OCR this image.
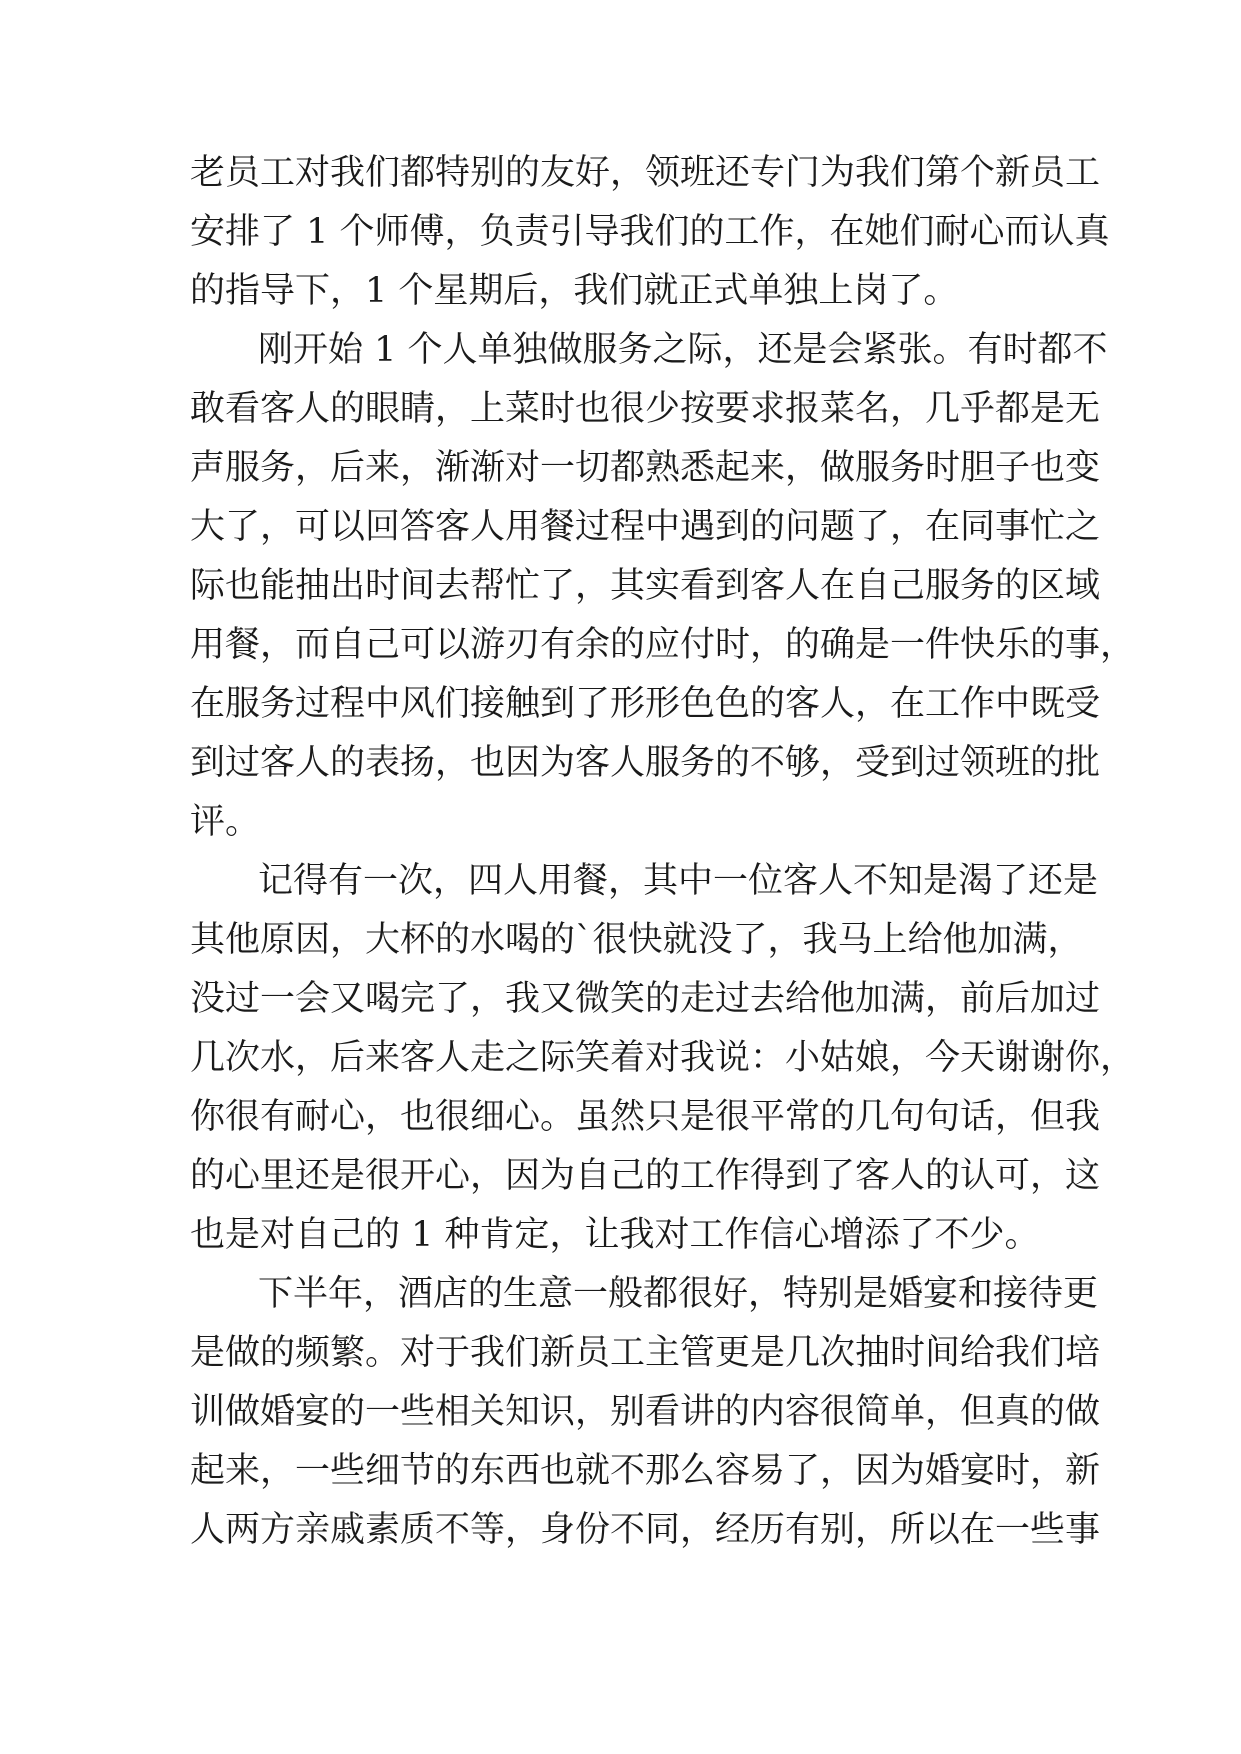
老员工对我们都特别的友好，领班还专门为我们第个新员工
安排了 1 个师傅，负责引导我们的工作，在她们耐心而认真
的指导下，1 个星期后，我们就正式单独上岗了。
刚开始 1 个人单独做服务之际，还是会紧张。有时都不
敢看客人的眼睛，上菜时也很少按要求报菜名，几乎都是无
声服务，后来，渐渐对一切都熟悉起来，做服务时胆子也变
大了，可以回答客人用餐过程中遇到的问题了，在同事忙之
际也能抽出时间去帮忙了，其实看到客人在自己服务的区域
用餐，而自己可以游刃有余的应付时，的确是一件快乐的事，
在服务过程中风们接触到了形形色色的客人，在工作中既受
到过客人的表扬，也因为客人服务的不够，受到过领班的批
评。
记得有一次，四人用餐，其中一位客人不知是渴了还是
其他原因，大杯的水喝的`很快就没了，我马上给他加满，
没过一会又喝完了，我又微笑的走过去给他加满，前后加过
几次水，后来客人走之际笑着对我说：小姑娘，今天谢谢你，
你很有耐心，也很细心。虽然只是很平常的几句句话，但我
的心里还是很开心，因为自己的工作得到了客人的认可，这
也是对自己的 1 种肯定，让我对工作信心增添了不少。
下半年，酒店的生意一般都很好，特别是婚宴和接待更
是做的频繁。对于我们新员工主管更是几次抽时间给我们培
训做婚宴的一些相关知识，别看讲的内容很简单，但真的做
起来，一些细节的东西也就不那么容易了，因为婚宴时，新
人两方亲戚素质不等，身份不同，经历有别，所以在一些事
